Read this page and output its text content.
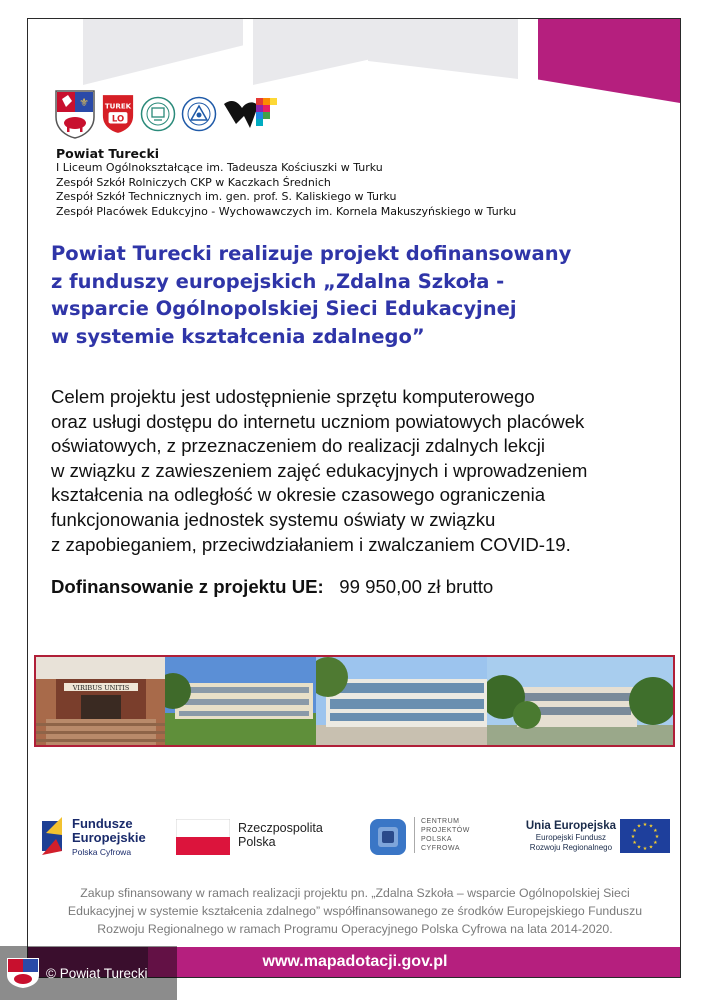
⚜ TUREK
LO
Powiat Turecki
I Liceum Ogólnokształcące im. Tadeusza Kościuszki w Turku
Zespół Szkół Rolniczych CKP w Kaczkach Średnich
Zespół Szkół Technicznych im. gen. prof. S. Kaliskiego w Turku
Zespół Placówek Edukcyjno - Wychowawczych im. Kornela Makuszyńskiego w Turku
Powiat Turecki realizuje projekt dofinansowany
z funduszy europejskich „Zdalna Szkoła -
wsparcie Ogólnopolskiej Sieci Edukacyjnej
w systemie kształcenia zdalnego”
Celem projektu jest udostępnienie sprzętu komputerowego
oraz usługi dostępu do internetu uczniom powiatowych placówek
oświatowych, z przeznaczeniem do realizacji zdalnych lekcji
w związku z zawieszeniem zajęć edukacyjnych i wprowadzeniem
kształcenia na odległość w okresie czasowego ograniczenia
funkcjonowania jednostek systemu oświaty w związku
z zapobieganiem, przeciwdziałaniem i zwalczaniem COVID-19.
Dofinansowanie z projektu UE: 99 950,00 zł brutto
VIRIBUS UNITIS
Fundusze
Europejskie
Polska Cyfrowa
Rzeczpospolita
Polska
CENTRUM
PROJEKTÓW
POLSKA
CYFROWA
Unia Europejska
Europejski Fundusz
Rozwoju Regionalnego
★ ★
★
★
★
★
★
★
★
★
★
★
Zakup sfinansowany w ramach realizacji projektu pn. „Zdalna Szkoła – wsparcie Ogólnopolskiej Sieci
Edukacyjnej w systemie kształcenia zdalnego” współfinansowanego ze środków Europejskiego Funduszu
Rozwoju Regionalnego w ramach Programu Operacyjnego Polska Cyfrowa na lata 2014-2020.
www.mapadotacji.gov.pl
© Powiat Turecki
